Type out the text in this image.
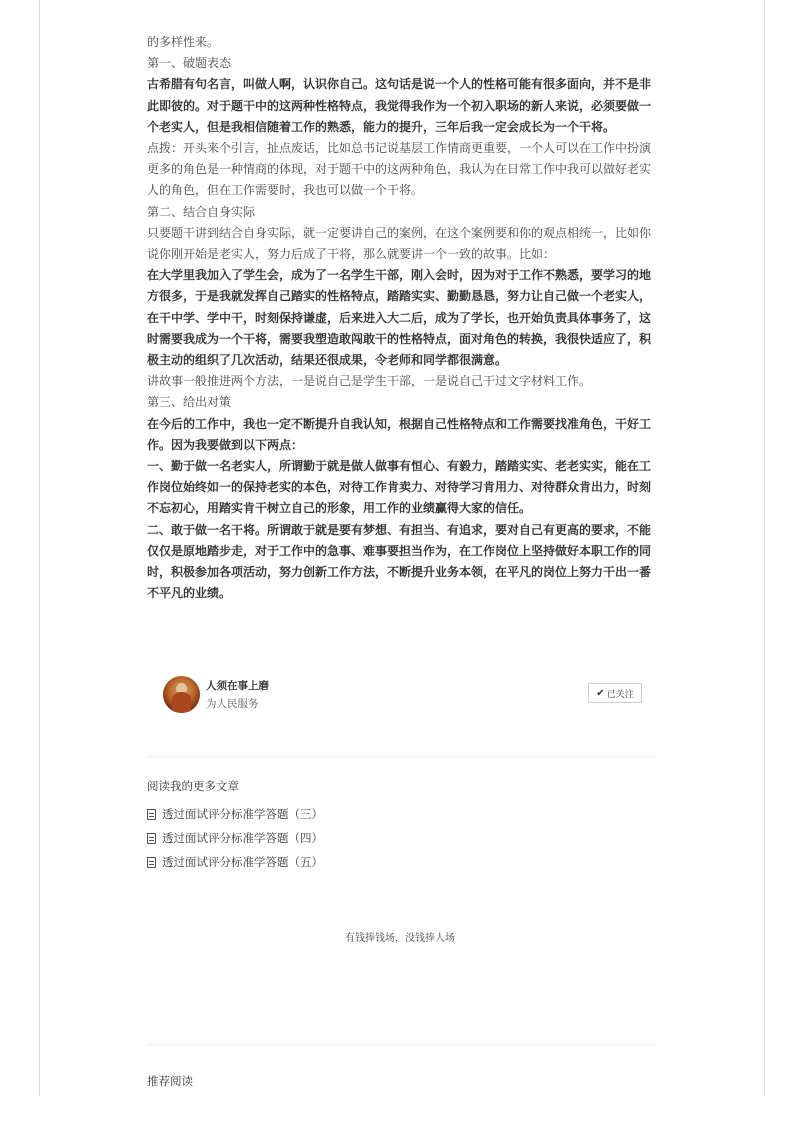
的多样性来。

第一、破题表态

古希腊有句名言，叫做人啊，认识你自己。这句话是说一个人的性格可能有很多面向，并不是非此即彼的。对于题干中的这两种性格特点，我觉得我作为一个初入职场的新人来说，必须要做一个老实人，但是我相信随着工作的熟悉，能力的提升，三年后我一定会成长为一个干将。

点拨：开头来个引言，扯点废话，比如总书记说基层工作情商更重要，一个人可以在工作中扮演更多的角色是一种情商的体现，对于题干中的这两种角色，我认为在日常工作中我可以做好老实人的角色，但在工作需要时，我也可以做一个干将。

第二、结合自身实际

只要题干讲到结合自身实际，就一定要讲自己的案例，在这个案例要和你的观点相统一，比如你说你刚开始是老实人，努力后成了干将，那么就要讲一个一致的故事。比如：

在大学里我加入了学生会，成为了一名学生干部，刚入会时，因为对于工作不熟悉，要学习的地方很多，于是我就发挥自己踏实的性格特点，踏踏实实、勤勤恳恳，努力让自己做一个老实人，在干中学、学中干，时刻保持谦虚，后来进入大二后，成为了学长，也开始负责具体事务了，这时需要我成为一个干将，需要我塑造敢闯敢干的性格特点，面对角色的转换，我很快适应了，积极主动的组织了几次活动，结果还很成果，令老师和同学都很满意。

讲故事一般推进两个方法，一是说自己是学生干部，一是说自己干过文字材料工作。

第三、给出对策

在今后的工作中，我也一定不断提升自我认知，根据自己性格特点和工作需要找准角色，干好工作。因为我要做到以下两点：

一、勤于做一名老实人，所谓勤于就是做人做事有恒心、有毅力，踏踏实实、老老实实，能在工作岗位始终如一的保持老实的本色，对待工作肯卖力、对待学习肯用力、对待群众肯出力，时刻不忘初心，用踏实肯干树立自己的形象，用工作的业绩赢得大家的信任。

二、敢于做一名干将。所谓敢于就是要有梦想、有担当、有追求，要对自己有更高的要求，不能仅仅是原地踏步走，对于工作中的急事、难事要担当作为，在工作岗位上坚持做好本职工作的同时，积极参加各项活动，努力创新工作方法，不断提升业务本领，在平凡的岗位上努力干出一番不平凡的业绩。

人须在事上磨
为人民服务
✔ 已关注
阅读我的更多文章
透过面试评分标准学答题（三）
透过面试评分标准学答题（四）
透过面试评分标准学答题（五）
有钱捧钱场，没钱捧人场
推荐阅读
